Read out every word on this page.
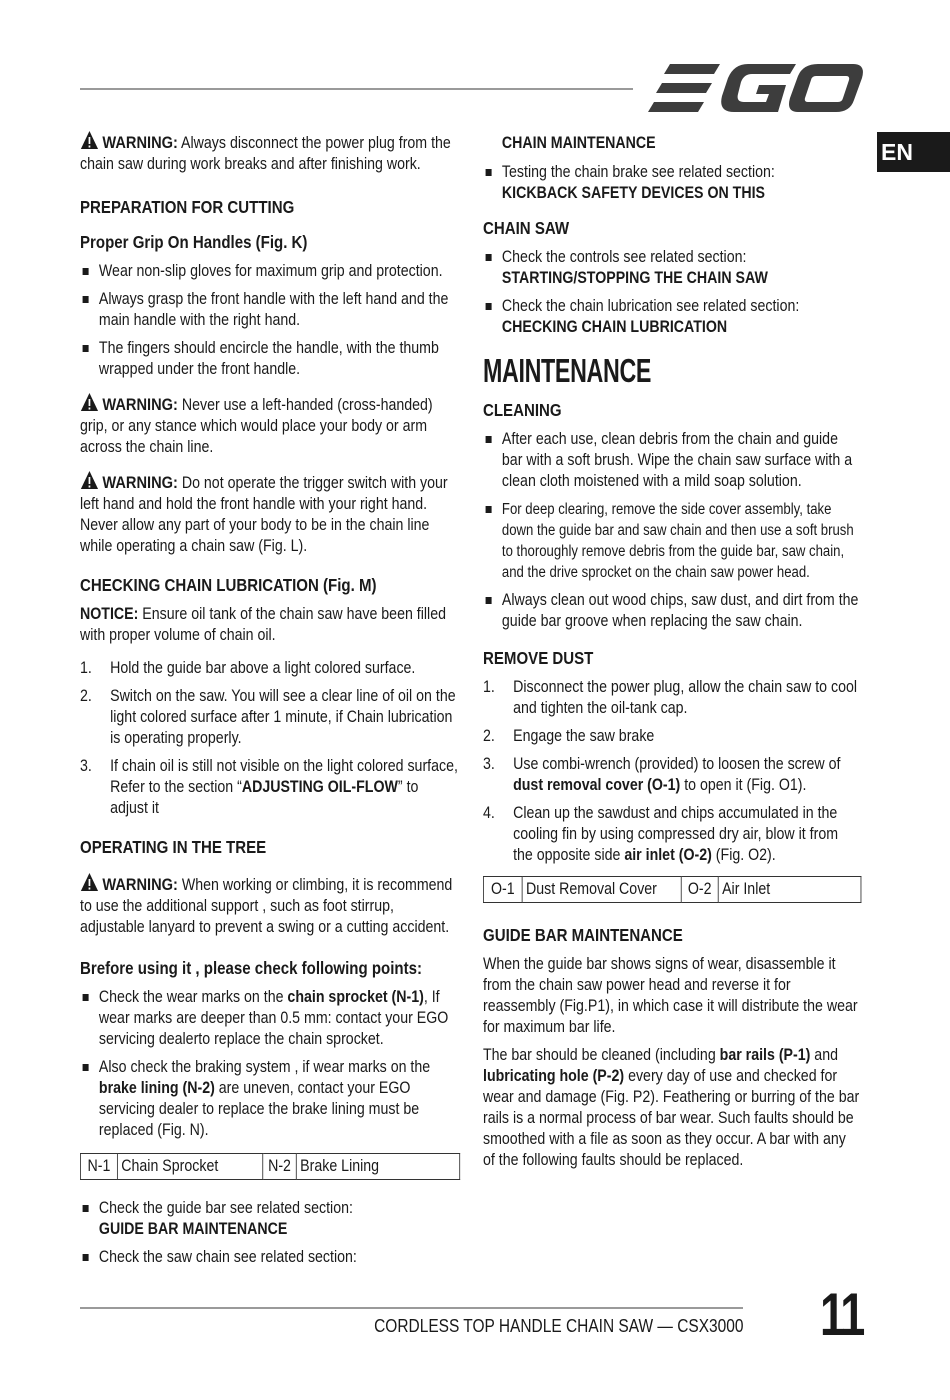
EN
WARNING: Always disconnect the power plug from the chain saw during work breaks and after finishing work.
PREPARATION FOR CUTTING
Proper Grip On Handles (Fig. K)
Wear non-slip gloves for maximum grip and protection.
Always grasp the front handle with the left hand and the main handle with the right hand.
The fingers should encircle the handle, with the thumb wrapped under the front handle.
WARNING: Never use a left-handed (cross-handed) grip, or any stance which would place your body or arm across the chain line.
WARNING: Do not operate the trigger switch with your left hand and hold the front handle with your right hand. Never allow any part of your body to be in the chain line while operating a chain saw (Fig. L).
CHECKING CHAIN LUBRICATION (Fig. M)

NOTICE: Ensure oil tank of the chain saw have been filled with proper volume of chain oil.

1. Hold the guide bar above a light colored surface.
2. Switch on the saw. You will see a clear line of oil on the light colored surface after 1 minute, if Chain lubrication is operating properly.
3. If chain oil is still not visible on the light colored surface, Refer to the section “ADJUSTING OIL-FLOW” to adjust it
OPERATING IN THE TREE
WARNING: When working or climbing, it is recommend to use the additional support , such as foot stirrup, adjustable lanyard to prevent a swing or a cutting accident.
Brefore using it , please check following points:
Check the wear marks on the chain sprocket (N-1), If wear marks are deeper than 0.5 mm: contact your EGO servicing dealerto replace the chain sprocket.
Also check the braking system , if wear marks on the brake lining (N-2) are uneven, contact your EGO servicing dealer to replace the brake lining must be replaced (Fig. N).
N-1	Chain Sprocket	N-2	Brake Lining
Check the guide bar see related section:
GUIDE BAR MAINTENANCE
Check the saw chain see related section:

CHAIN MAINTENANCE

Testing the chain brake see related section:
KICKBACK SAFETY DEVICES ON THIS
CHAIN SAW
Check the controls see related section:
STARTING/STOPPING THE CHAIN SAW
Check the chain lubrication see related section:
CHECKING CHAIN LUBRICATION
MAINTENANCE
CLEANING
After each use, clean debris from the chain and guide bar with a soft brush. Wipe the chain saw surface with a clean cloth moistened with a mild soap solution.
For deep clearing, remove the side cover assembly, take down the guide bar and saw chain and then use a soft brush to thoroughly remove debris from the guide bar, saw chain, and the drive sprocket on the chain saw power head.
Always clean out wood chips, saw dust, and dirt from the guide bar groove when replacing the saw chain.
REMOVE DUST
1. Disconnect the power plug, allow the chain saw to cool and tighten the oil-tank cap.
2. Engage the saw brake
3. Use combi-wrench (provided) to loosen the screw of dust removal cover (O-1) to open it (Fig. O1).
4. Clean up the sawdust and chips accumulated in the cooling fin by using compressed dry air, blow it from the opposite side air inlet (O-2) (Fig. O2).
O-1	Dust Removal Cover	O-2	Air Inlet
GUIDE BAR MAINTENANCE

When the guide bar shows signs of wear, disassemble it from the chain saw power head and reverse it for reassembly (Fig.P1), in which case it will distribute the wear for maximum bar life.

The bar should be cleaned (including bar rails (P-1) and lubricating hole (P-2) every day of use and checked for wear and damage (Fig. P2). Feathering or burring of the bar rails is a normal process of bar wear. Such faults should be smoothed with a file as soon as they occur. A bar with any of the following faults should be replaced.

CORDLESS TOP HANDLE CHAIN SAW — CSX3000 11
